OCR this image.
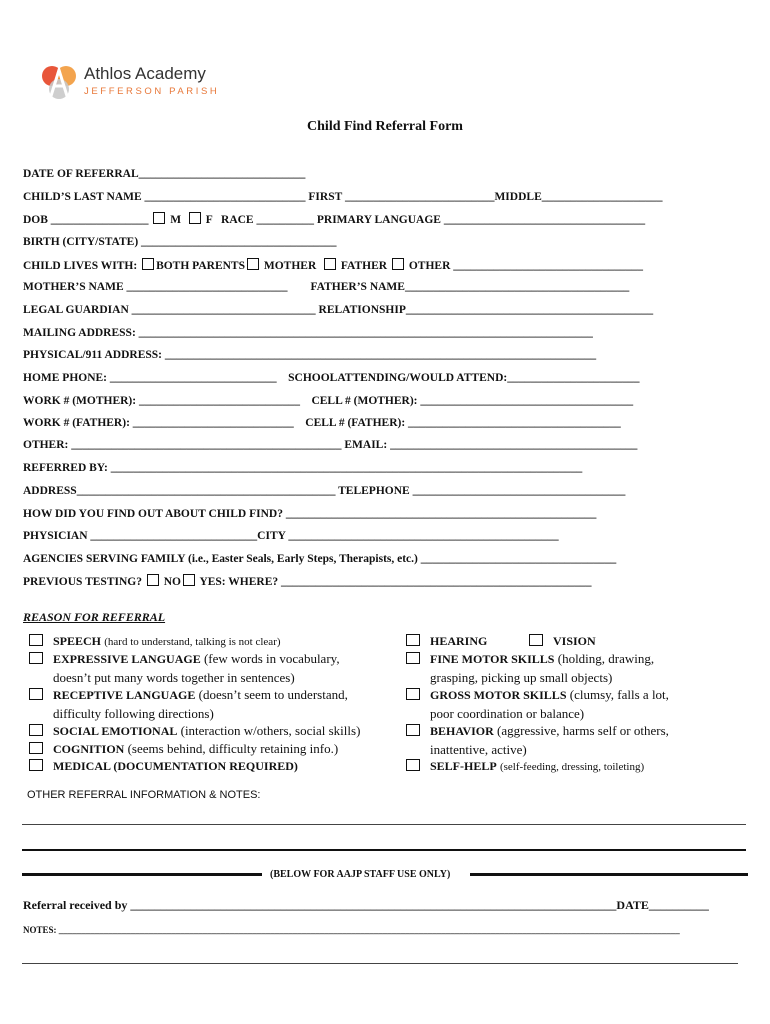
Athlos Academy
JEFFERSON PARISH
Child Find Referral Form
DATE OF REFERRAL_____________________________
CHILD’S LAST NAME ____________________________ FIRST __________________________MIDDLE_____________________
DOB _________________ M F RACE __________ PRIMARY LANGUAGE ___________________________________
BIRTH (CITY/STATE) __________________________________
CHILD LIVES WITH: BOTH PARENTS MOTHER FATHER OTHER _________________________________
MOTHER’S NAME ____________________________ FATHER’S NAME_______________________________________
LEGAL GUARDIAN ________________________________ RELATIONSHIP___________________________________________
MAILING ADDRESS: _______________________________________________________________________________
PHYSICAL/911 ADDRESS: ___________________________________________________________________________
HOME PHONE: _____________________________ SCHOOLATTENDING/WOULD ATTEND:_______________________
WORK # (MOTHER): ____________________________ CELL # (MOTHER): _____________________________________
WORK # (FATHER): ____________________________ CELL # (FATHER): _____________________________________
OTHER: _______________________________________________ EMAIL: ___________________________________________
REFERRED BY: __________________________________________________________________________________
ADDRESS_____________________________________________ TELEPHONE _____________________________________
HOW DID YOU FIND OUT ABOUT CHILD FIND? ______________________________________________________
PHYSICIAN _____________________________CITY _______________________________________________
AGENCIES SERVING FAMILY (i.e., Easter Seals, Early Steps, Therapists, etc.) __________________________________
PREVIOUS TESTING? NO YES: WHERE? ______________________________________________________
REASON FOR REFERRAL
SPEECH (hard to understand, talking is not clear)
EXPRESSIVE LANGUAGE (few words in vocabulary,
doesn’t put many words together in sentences)
RECEPTIVE LANGUAGE (doesn’t seem to understand,
difficulty following directions)
SOCIAL EMOTIONAL (interaction w/others, social skills)
COGNITION (seems behind, difficulty retaining info.)
MEDICAL (DOCUMENTATION REQUIRED)
HEARING	VISION
FINE MOTOR SKILLS (holding, drawing,
grasping, picking up small objects)
GROSS MOTOR SKILLS (clumsy, falls a lot,
poor coordination or balance)
BEHAVIOR (aggressive, harms self or others,
inattentive, active)
SELF-HELP (self-feeding, dressing, toileting)
OTHER REFERRAL INFORMATION & NOTES:
(BELOW FOR AAJP STAFF USE ONLY)
Referral received by _________________________________________________________________________________DATE__________
NOTES: __________________________________________________________________________________________________________________________________________
